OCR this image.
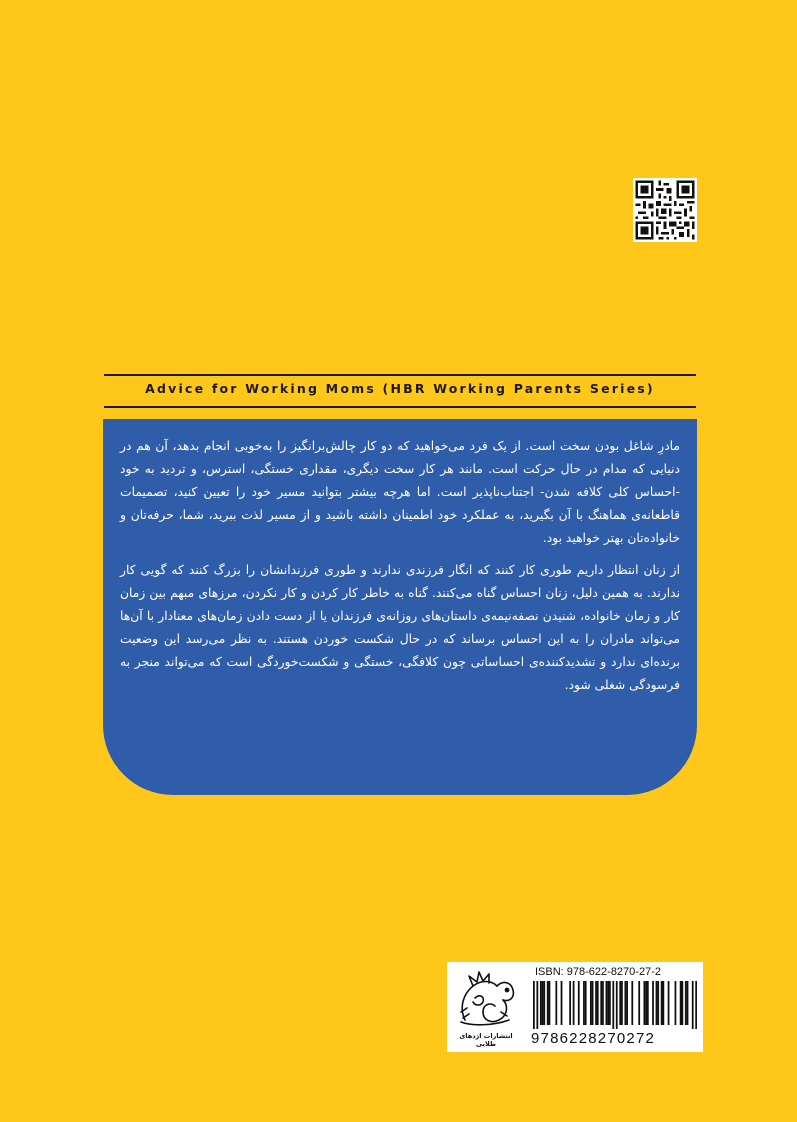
Advice for Working Moms (HBR Working Parents Series)

مادرِ شاغل بودن سخت است. از یک فرد می‌خواهید که دو کار چالش‌برانگیز را به‌خوبی انجام بدهد، آن هم در دنیایی که مدام در حال حرکت است. مانند هر کار سخت دیگری، مقداری خستگی، استرس، و تردید به خود -احساس کلی کلافه شدن- اجتناب‌ناپذیر است. اما هرچه بیشتر بتوانید مسیر خود را تعیین کنید، تصمیمات قاطعانه‌ی هماهنگ با آن بگیرید، به عملکرد خود اطمینان داشته باشید و از مسیر لذت ببرید، شما، حرفه‌تان و خانواده‌تان بهتر خواهید بود.

از زنان انتظار داریم طوری کار کنند که انگار فرزندی ندارند و طوری فرزندانشان را بزرگ کنند که گویی کار ندارند. به همین دلیل، زنان احساس گناه می‌کنند. گناه به خاطر کار کردن و کار نکردن، مرزهای مبهم بین زمان کار و زمان خانواده، شنیدن نصفه‌نیمه‌ی داستان‌های روزانه‌ی فرزندان یا از دست دادن زمان‌های معنادار با آن‌ها می‌تواند مادران را به این احساس برساند که در حال شکست خوردن هستند. به نظر می‌رسد این وضعیت برنده‌ای ندارد و تشدیدکننده‌ی احساساتی چون کلافگی، خستگی و شکست‌خوردگی است که می‌تواند منجر به فرسودگی شغلی شود.

انتشارات اژدهای طلایی
ISBN: 978-622-8270-27-2
9786228270272
